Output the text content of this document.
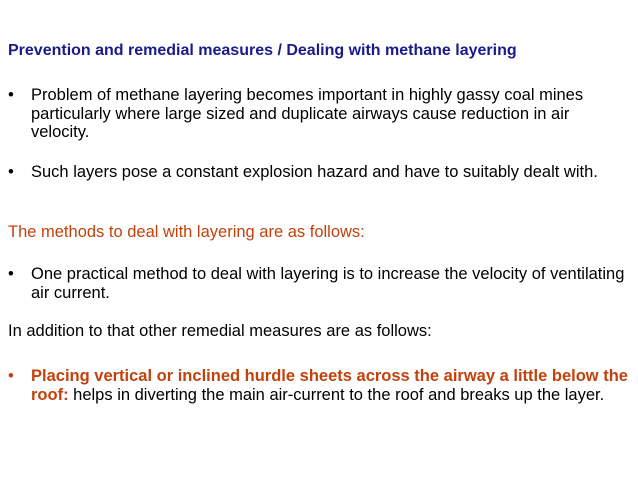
Prevention and remedial measures / Dealing with methane layering
• Problem of methane layering becomes important in highly gassy coal mines particularly where large sized and duplicate airways cause reduction in air velocity.
• Such layers pose a constant explosion hazard and have to suitably dealt with.
The methods to deal with layering are as follows:
• One practical method to deal with layering is to increase the velocity of ventilating air current.
In addition to that other remedial measures are as follows:
• Placing vertical or inclined hurdle sheets across the airway a little below the roof: helps in diverting the main air-current to the roof and breaks up the layer.
